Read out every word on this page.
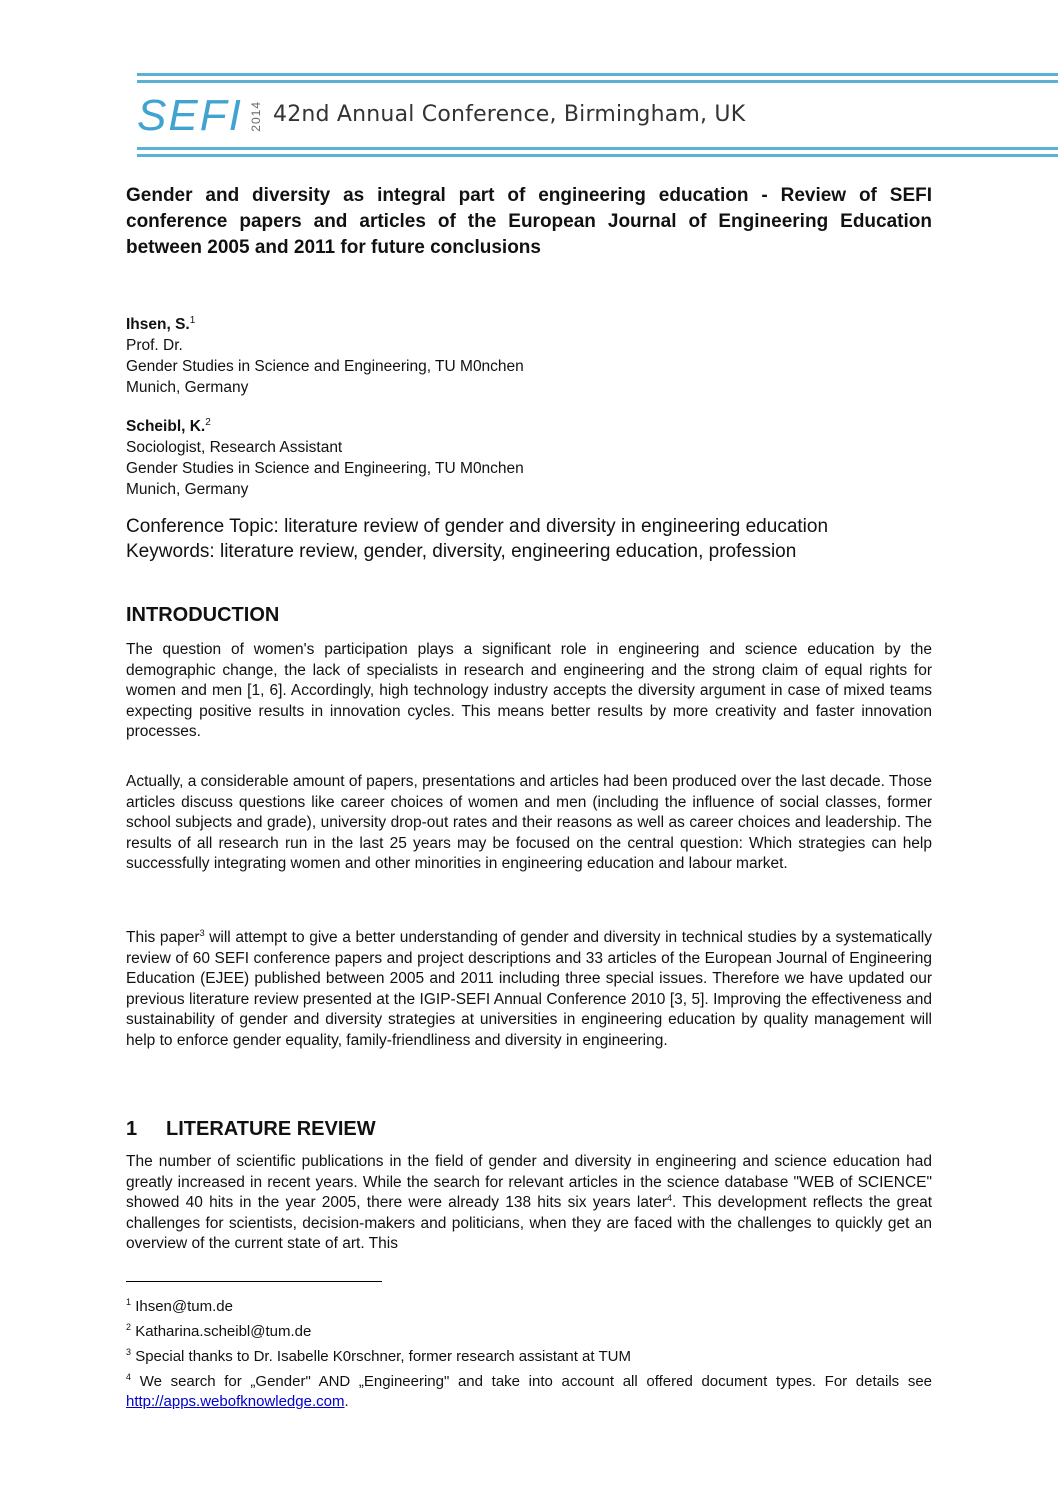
SEFI 2014 42nd Annual Conference, Birmingham, UK
Gender and diversity as integral part of engineering education - Review of SEFI conference papers and articles of the European Journal of Engineering Education between 2005 and 2011 for future conclusions
Ihsen, S.$^1$
Prof. Dr.
Gender Studies in Science and Engineering, TU M0nchen
Munich, Germany
Scheibl, K.$^2$
Sociologist, Research Assistant
Gender Studies in Science and Engineering, TU M0nchen
Munich, Germany
Conference Topic: literature review of gender and diversity in engineering education
Keywords: literature review, gender, diversity, engineering education, profession
INTRODUCTION
The question of women's participation plays a significant role in engineering and science education by the demographic change, the lack of specialists in research and engineering and the strong claim of equal rights for women and men [1, 6]. Accordingly, high technology industry accepts the diversity argument in case of mixed teams expecting positive results in innovation cycles. This means better results by more creativity and faster innovation processes.
Actually, a considerable amount of papers, presentations and articles had been produced over the last decade. Those articles discuss questions like career choices of women and men (including the influence of social classes, former school subjects and grade), university drop-out rates and their reasons as well as career choices and leadership. The results of all research run in the last 25 years may be focused on the central question: Which strategies can help successfully integrating women and other minorities in engineering education and labour market.
This paper$^3$ will attempt to give a better understanding of gender and diversity in technical studies by a systematically review of 60 SEFI conference papers and project descriptions and 33 articles of the European Journal of Engineering Education (EJEE) published between 2005 and 2011 including three special issues. Therefore we have updated our previous literature review presented at the IGIP-SEFI Annual Conference 2010 [3, 5]. Improving the effectiveness and sustainability of gender and diversity strategies at universities in engineering education by quality management will help to enforce gender equality, family-friendliness and diversity in engineering.
1 LITERATURE REVIEW
The number of scientific publications in the field of gender and diversity in engineering and science education had greatly increased in recent years. While the search for relevant articles in the science database "WEB of SCIENCE" showed 40 hits in the year 2005, there were already 138 hits six years later$^4$. This development reflects the great challenges for scientists, decision-makers and politicians, when they are faced with the challenges to quickly get an overview of the current state of art. This
$^1$ Ihsen@tum.de
$^2$ Katharina.scheibl@tum.de
$^3$ Special thanks to Dr. Isabelle K0rschner, former research assistant at TUM
$^4$ We search for „Gender" AND „Engineering" and take into account all offered document types. For details see http://apps.webofknowledge.com.
